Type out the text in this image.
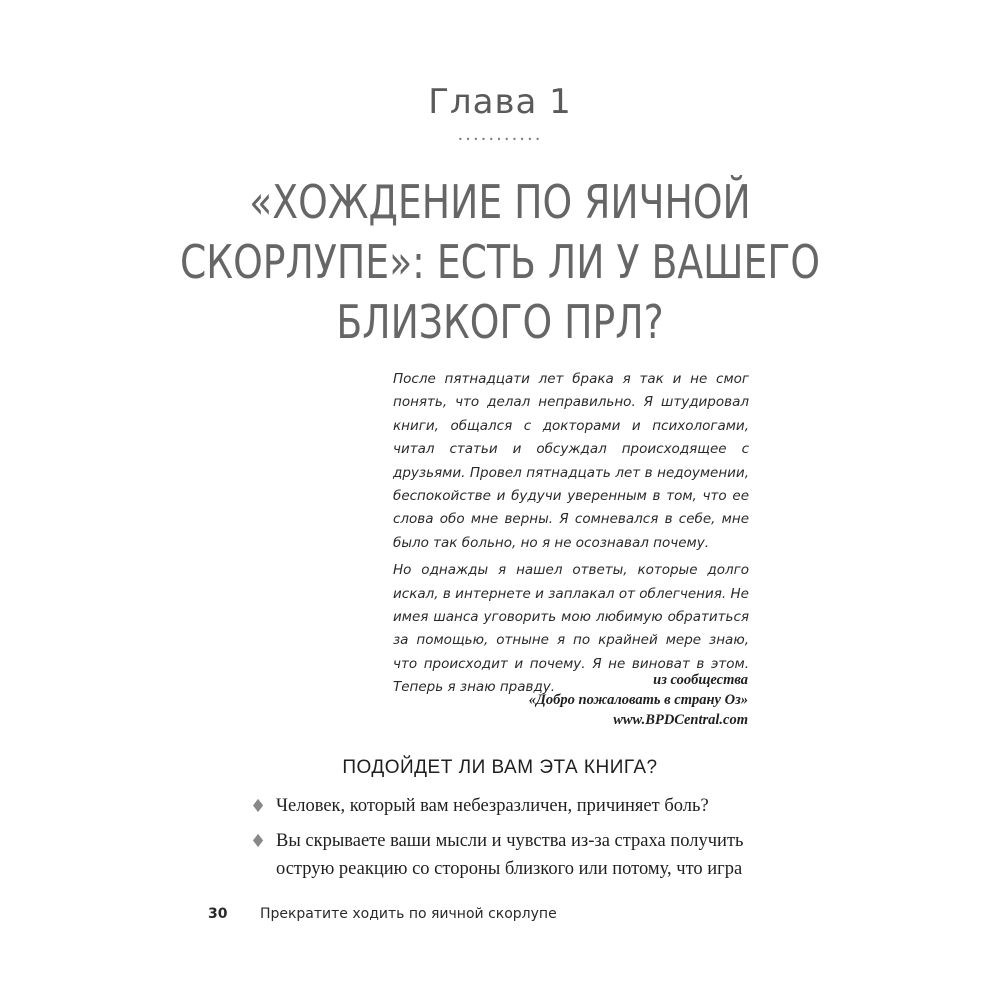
Глава 1
...........
«ХОЖДЕНИЕ ПО ЯИЧНОЙ
СКОРЛУПЕ»: ЕСТЬ ЛИ У ВАШЕГО
БЛИЗКОГО ПРЛ?

После пятнадцати лет брака я так и не смог понять, что делал неправильно. Я штудировал книги, общался с докторами и психологами, читал статьи и обсуждал происходящее с друзьями. Провел пятнадцать лет в недоумении, беспокойстве и будучи уверенным в том, что ее слова обо мне верны. Я сомневался в себе, мне было так больно, но я не осознавал почему.

Но однажды я нашел ответы, которые долго искал, в интернете и заплакал от облегчения. Не имея шанса уговорить мою любимую обратиться за помощью, отныне я по крайней мере знаю, что происходит и почему. Я не виноват в этом. Теперь я знаю правду.	из сообщества
«Добро пожаловать в страну Оз»
www.BPDCentral.com
ПОДОЙДЕТ ЛИ ВАМ ЭТА КНИГА?
♦ Человек, который вам небезразличен, причиняет боль?
♦ Вы скрываете ваши мысли и чувства из-за страха получить острую реакцию со стороны близкого или потому, что игра
30 Прекратите ходить по яичной скорлупе
